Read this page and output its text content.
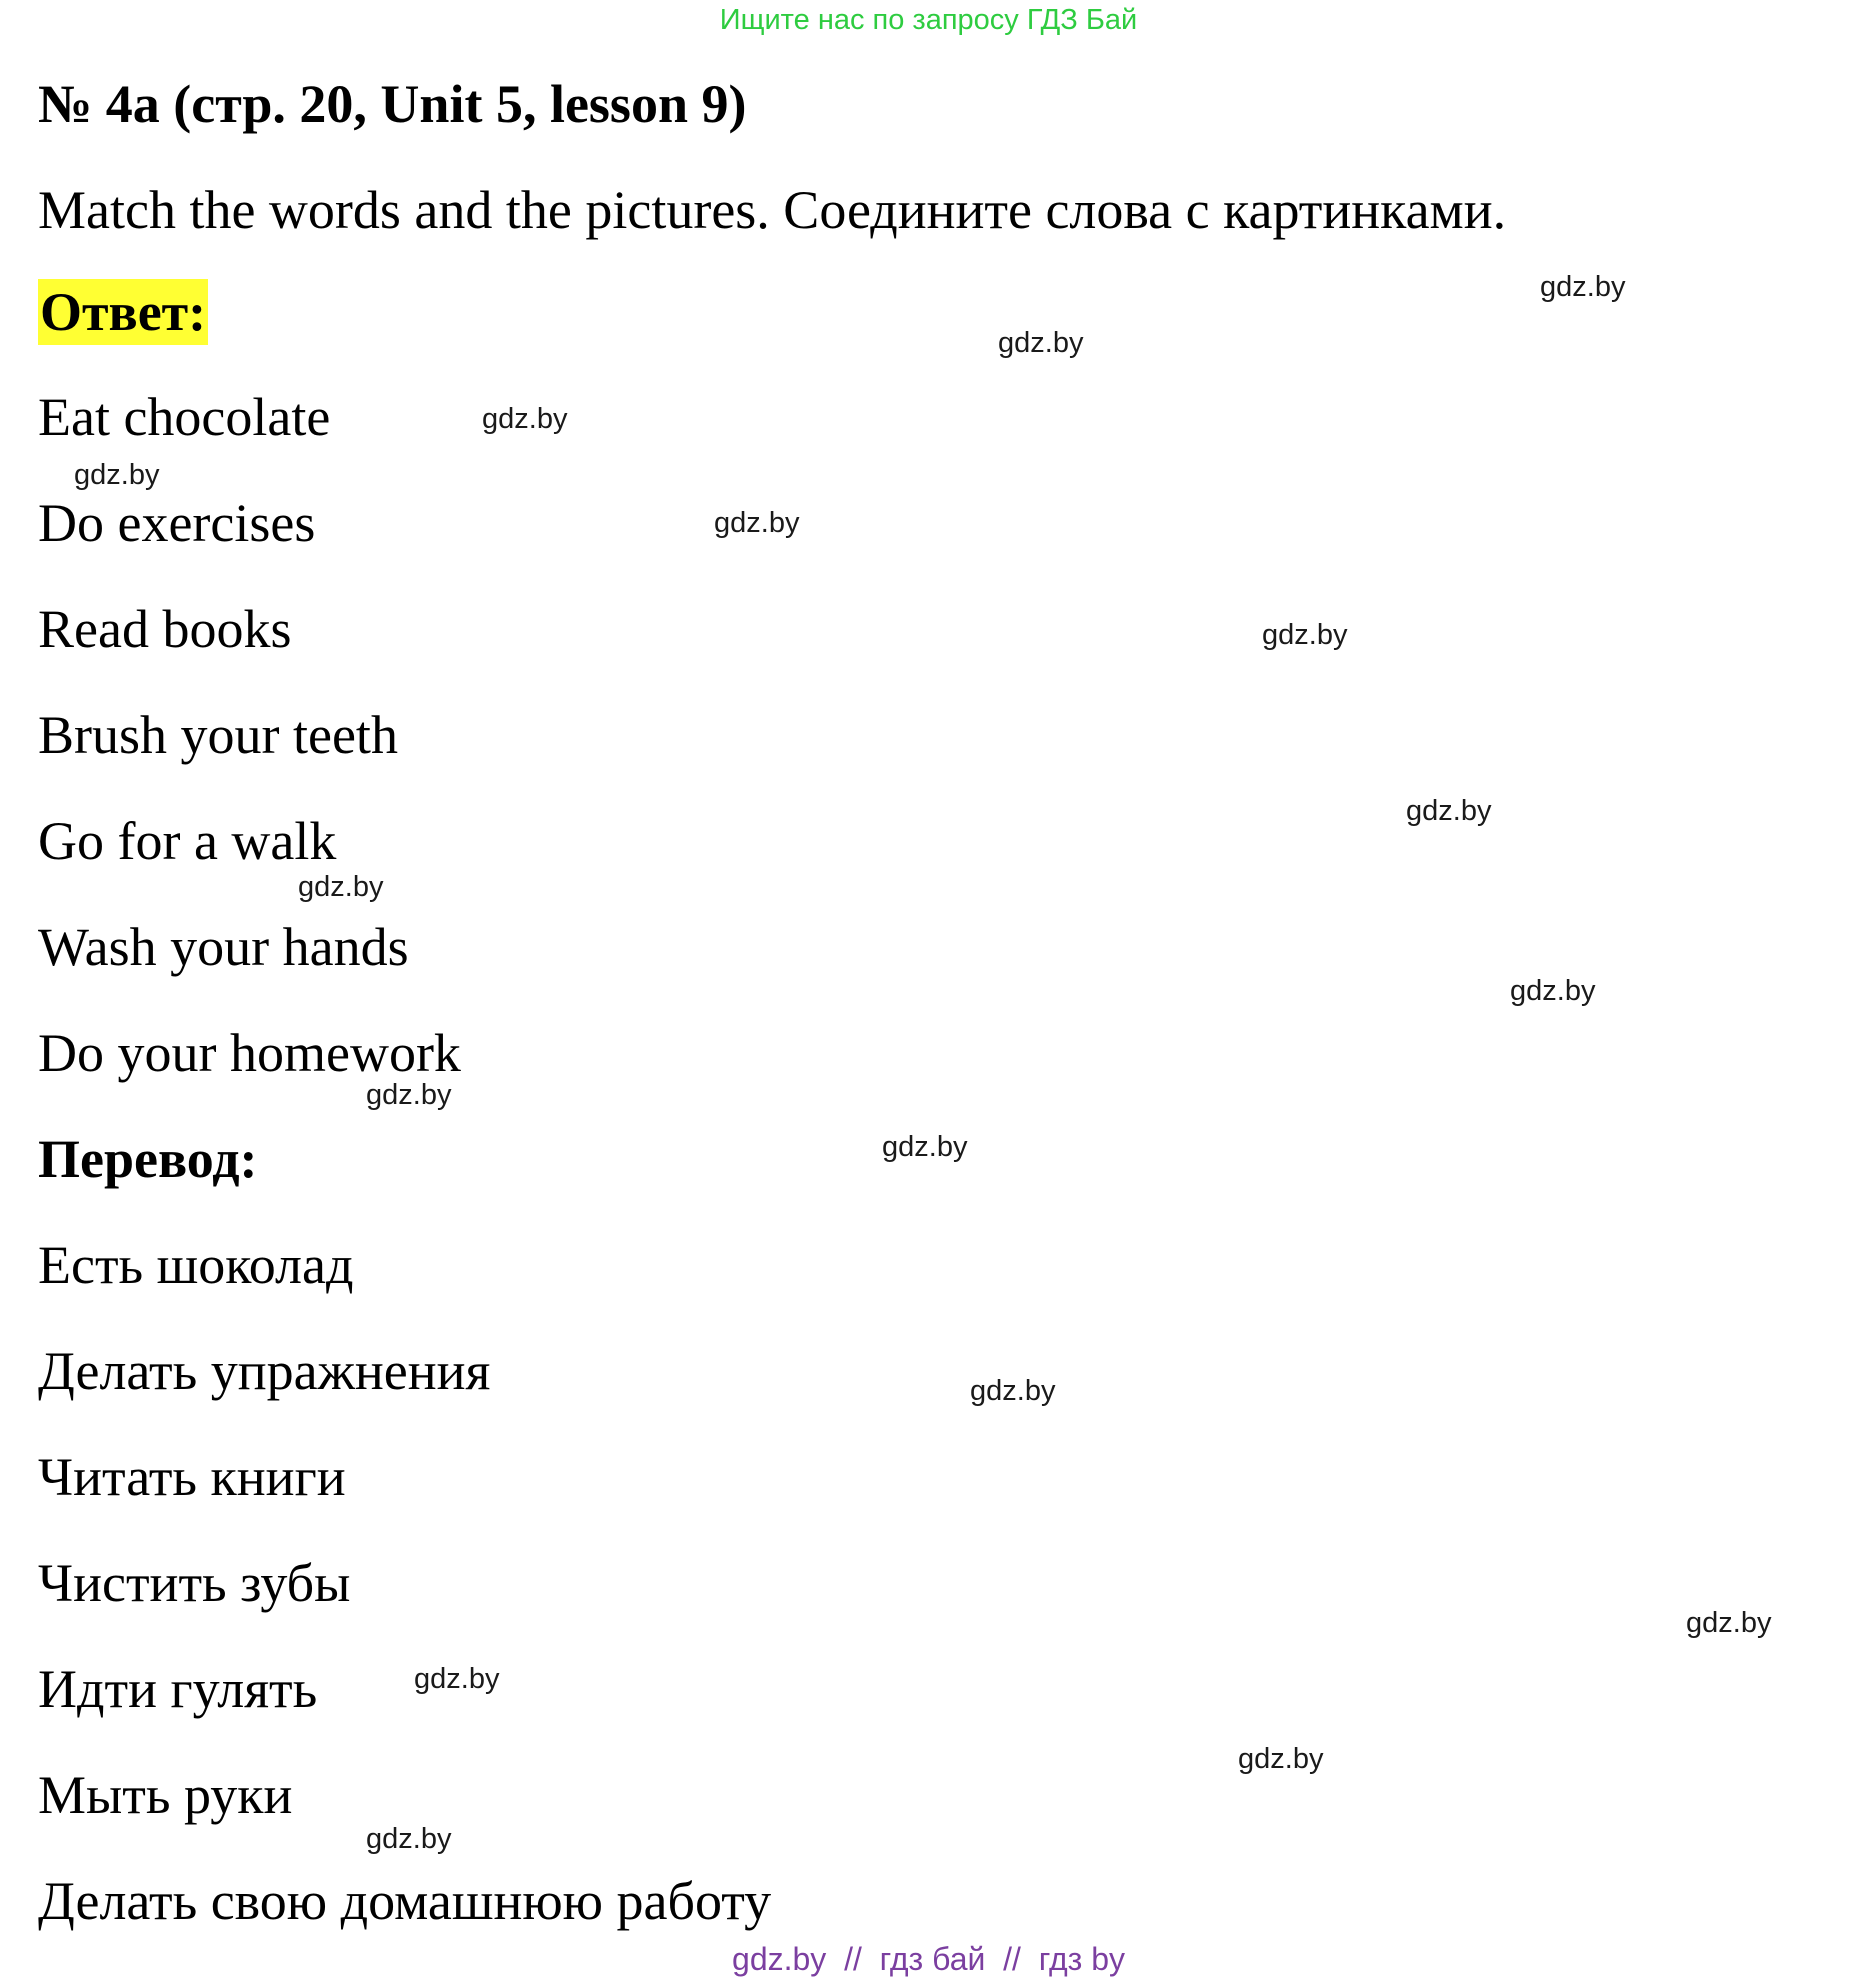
Ищите нас по запросу ГДЗ Бай
№ 4a (стр. 20, Unit 5, lesson 9)
Match the words and the pictures. Соедините слова с картинками.
Ответ:
Eat chocolate
Do exercises
Read books
Brush your teeth
Go for a walk
Wash your hands
Do your homework
Перевод:
Есть шоколад
Делать упражнения
Читать книги
Чистить зубы
Идти гулять
Мыть руки
Делать свою домашнюю работу
gdz.by
gdz.by
gdz.by
gdz.by
gdz.by
gdz.by
gdz.by
gdz.by
gdz.by
gdz.by
gdz.by
gdz.by
gdz.by
gdz.by
gdz.by
gdz.by
gdz.by  //  гдз бай  //  гдз by
